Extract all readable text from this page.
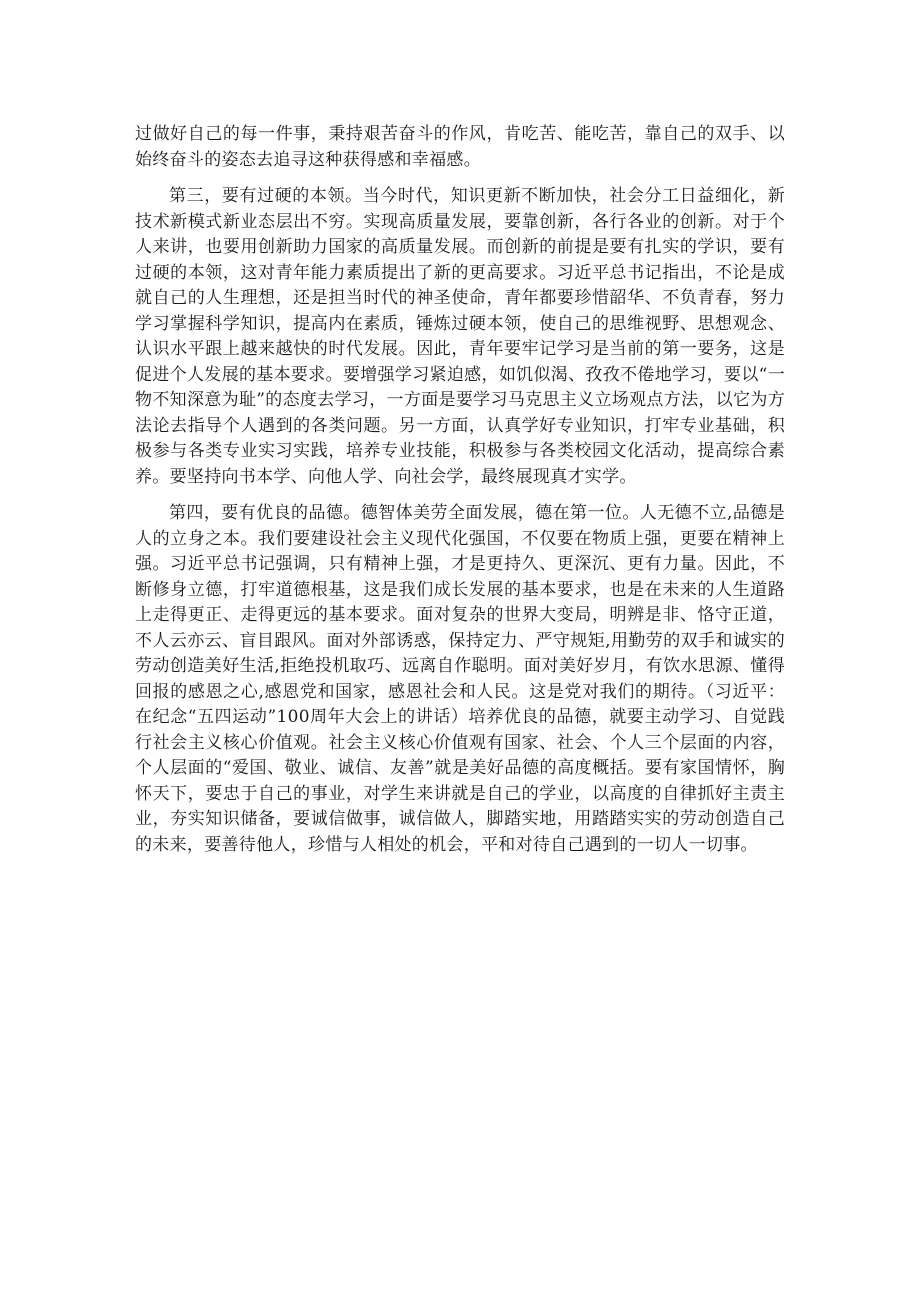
过做好自己的每一件事，秉持艰苦奋斗的作风，肯吃苦、能吃苦，靠自己的双手、以始终奋斗的姿态去追寻这种获得感和幸福感。

第三，要有过硬的本领。当今时代，知识更新不断加快，社会分工日益细化，新技术新模式新业态层出不穷。实现高质量发展，要靠创新，各行各业的创新。对于个人来讲，也要用创新助力国家的高质量发展。而创新的前提是要有扎实的学识，要有过硬的本领，这对青年能力素质提出了新的更高要求。习近平总书记指出，不论是成就自己的人生理想，还是担当时代的神圣使命，青年都要珍惜韶华、不负青春，努力学习掌握科学知识，提高内在素质，锤炼过硬本领，使自己的思维视野、思想观念、认识水平跟上越来越快的时代发展。因此，青年要牢记学习是当前的第一要务，这是促进个人发展的基本要求。要增强学习紧迫感，如饥似渴、孜孜不倦地学习，要以“一物不知深意为耻”的态度去学习，一方面是要学习马克思主义立场观点方法，以它为方法论去指导个人遇到的各类问题。另一方面，认真学好专业知识，打牢专业基础，积极参与各类专业实习实践，培养专业技能，积极参与各类校园文化活动，提高综合素养。要坚持向书本学、向他人学、向社会学，最终展现真才实学。

第四，要有优良的品德。德智体美劳全面发展，德在第一位。人无德不立,品德是人的立身之本。我们要建设社会主义现代化强国，不仅要在物质上强，更要在精神上强。习近平总书记强调，只有精神上强，才是更持久、更深沉、更有力量。因此，不断修身立德，打牢道德根基，这是我们成长发展的基本要求，也是在未来的人生道路上走得更正、走得更远的基本要求。面对复杂的世界大变局，明辨是非、恪守正道，不人云亦云、盲目跟风。面对外部诱惑，保持定力、严守规矩,用勤劳的双手和诚实的劳动创造美好生活,拒绝投机取巧、远离自作聪明。面对美好岁月，有饮水思源、懂得回报的感恩之心,感恩党和国家，感恩社会和人民。这是党对我们的期待。（习近平：在纪念“五四运动”100周年大会上的讲话）培养优良的品德，就要主动学习、自觉践行社会主义核心价值观。社会主义核心价值观有国家、社会、个人三个层面的内容，个人层面的“爱国、敬业、诚信、友善”就是美好品德的高度概括。要有家国情怀，胸怀天下，要忠于自己的事业，对学生来讲就是自己的学业，以高度的自律抓好主责主业，夯实知识储备，要诚信做事，诚信做人，脚踏实地，用踏踏实实的劳动创造自己的未来，要善待他人，珍惜与人相处的机会，平和对待自己遇到的一切人一切事。
